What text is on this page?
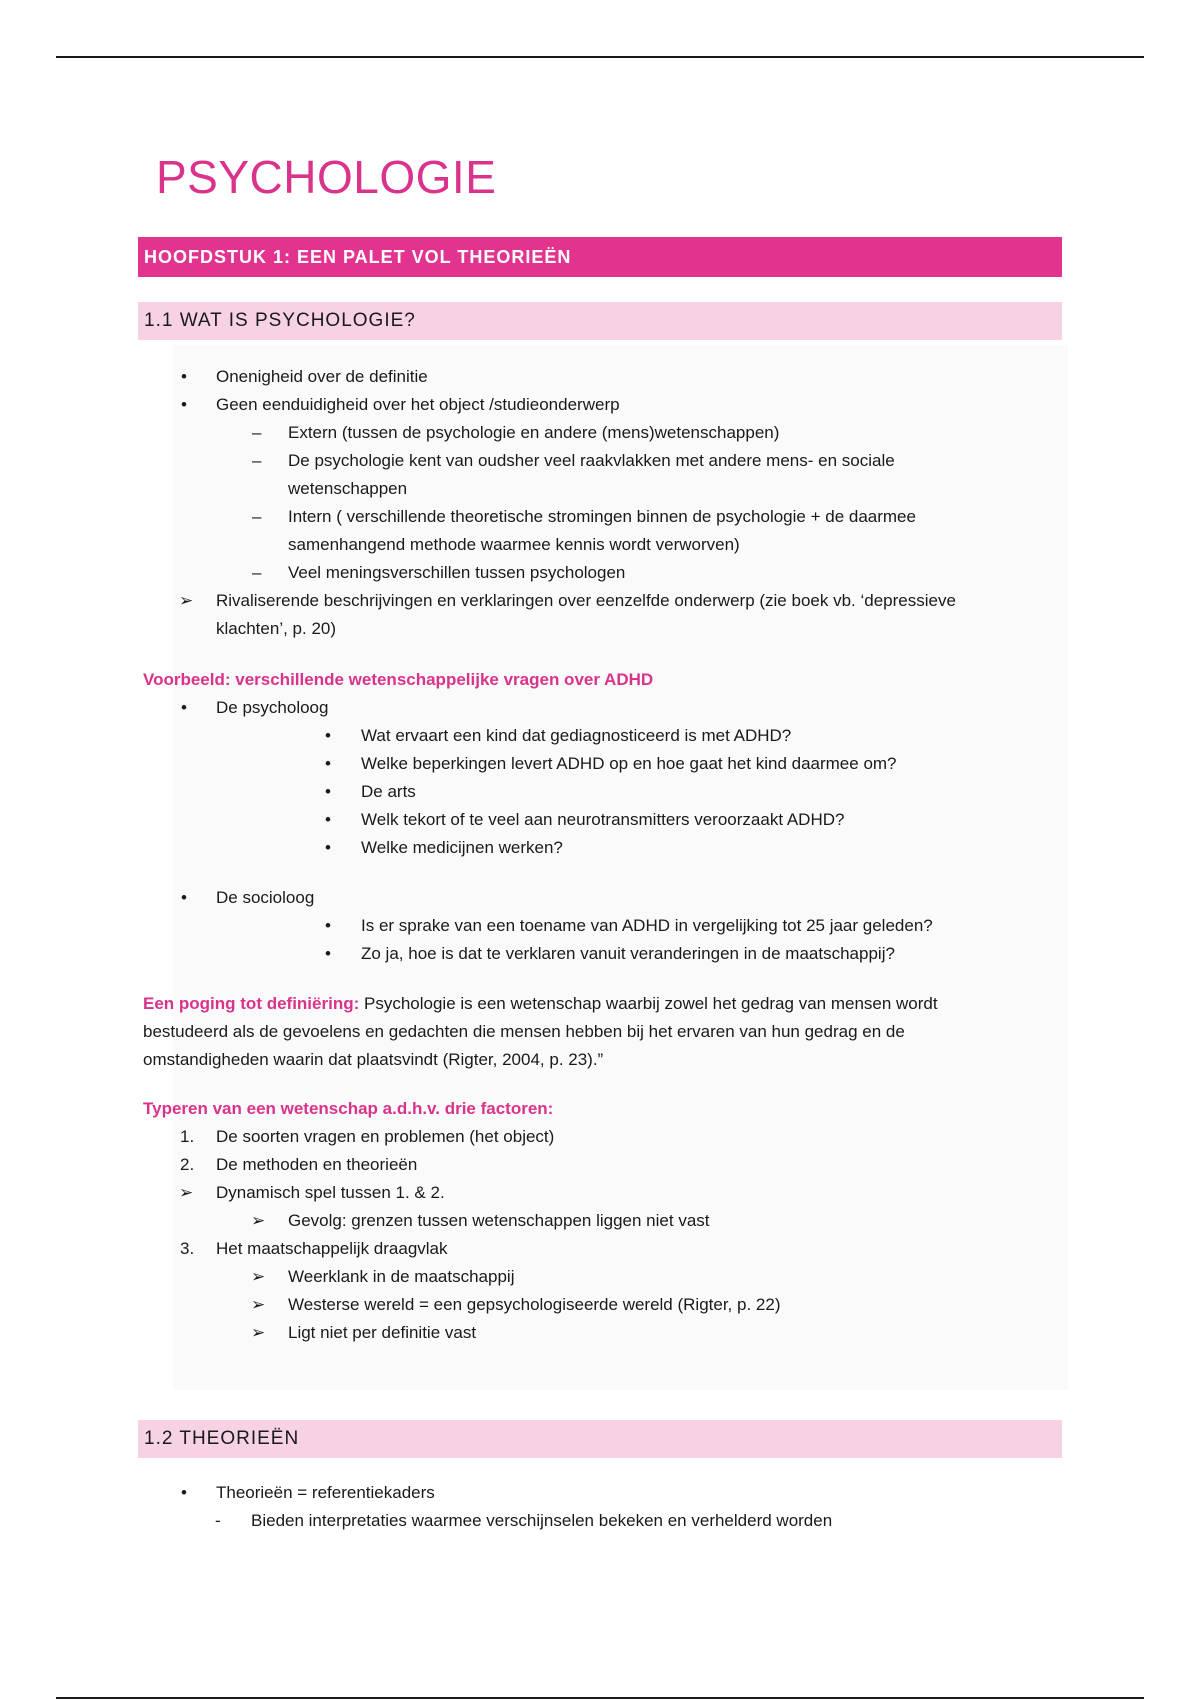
PSYCHOLOGIE
HOOFDSTUK 1: EEN PALET VOL THEORIEËN
1.1 WAT IS PSYCHOLOGIE?
• Onenigheid over de definitie
• Geen eenduidigheid over het object /studieonderwerp
– Extern (tussen de psychologie en andere (mens)wetenschappen)
– De psychologie kent van oudsher veel raakvlakken met andere mens- en sociale
wetenschappen
– Intern ( verschillende theoretische stromingen binnen de psychologie + de daarmee
samenhangend methode waarmee kennis wordt verworven)
– Veel meningsverschillen tussen psychologen
➢ Rivaliserende beschrijvingen en verklaringen over eenzelfde onderwerp (zie boek vb. ‘depressieve
klachten’, p. 20)
Voorbeeld: verschillende wetenschappelijke vragen over ADHD
• De psycholoog
• Wat ervaart een kind dat gediagnosticeerd is met ADHD?
• Welke beperkingen levert ADHD op en hoe gaat het kind daarmee om?
• De arts
• Welk tekort of te veel aan neurotransmitters veroorzaakt ADHD?
• Welke medicijnen werken?
• De socioloog
• Is er sprake van een toename van ADHD in vergelijking tot 25 jaar geleden?
• Zo ja, hoe is dat te verklaren vanuit veranderingen in de maatschappij?
Een poging tot definiëring: Psychologie is een wetenschap waarbij zowel het gedrag van mensen wordt
bestudeerd als de gevoelens en gedachten die mensen hebben bij het ervaren van hun gedrag en de
omstandigheden waarin dat plaatsvindt (Rigter, 2004, p. 23).”
Typeren van een wetenschap a.d.h.v. drie factoren:
1. De soorten vragen en problemen (het object)
2. De methoden en theorieën
➢ Dynamisch spel tussen 1. & 2.
➢ Gevolg: grenzen tussen wetenschappen liggen niet vast
3. Het maatschappelijk draagvlak
➢ Weerklank in de maatschappij
➢ Westerse wereld = een gepsychologiseerde wereld (Rigter, p. 22)
➢ Ligt niet per definitie vast
1.2 THEORIEËN
• Theorieën = referentiekaders
- Bieden interpretaties waarmee verschijnselen bekeken en verhelderd worden
